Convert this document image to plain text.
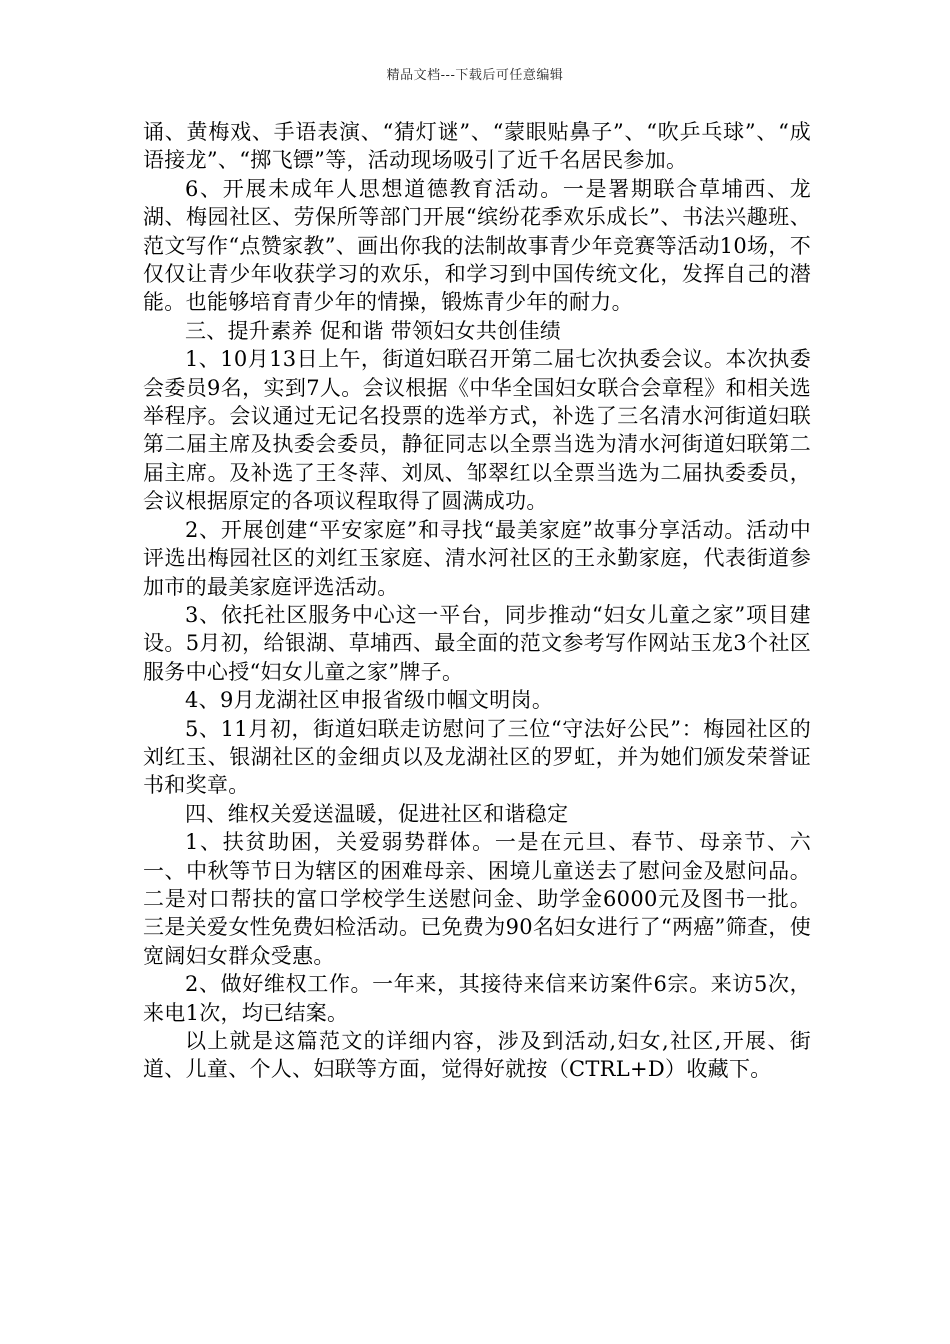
精品文档---下载后可任意编辑

诵、黄梅戏、手语表演、“猜灯谜”、“蒙眼贴鼻子”、“吹乒乓球”、“成语接龙”、“掷飞镖”等，活动现场吸引了近千名居民参加。

6、开展未成年人思想道德教育活动。一是署期联合草埔西、龙湖、梅园社区、劳保所等部门开展“缤纷花季欢乐成长”、书法兴趣班、范文写作“点赞家教”、画出你我的法制故事青少年竞赛等活动10场，不仅仅让青少年收获学习的欢乐，和学习到中国传统文化，发挥自己的潜能。也能够培育青少年的情操，锻炼青少年的耐力。

三、提升素养 促和谐 带领妇女共创佳绩

1、10月13日上午，街道妇联召开第二届七次执委会议。本次执委会委员9名，实到7人。会议根据《中华全国妇女联合会章程》和相关选举程序。会议通过无记名投票的选举方式，补选了三名清水河街道妇联第二届主席及执委会委员，静征同志以全票当选为清水河街道妇联第二届主席。及补选了王冬萍、刘凤、邹翠红以全票当选为二届执委委员，会议根据原定的各项议程取得了圆满成功。

2、开展创建“平安家庭”和寻找“最美家庭”故事分享活动。活动中评选出梅园社区的刘红玉家庭、清水河社区的王永勤家庭，代表街道参加市的最美家庭评选活动。

3、依托社区服务中心这一平台，同步推动“妇女儿童之家”项目建设。5月初，给银湖、草埔西、最全面的范文参考写作网站玉龙3个社区服务中心授“妇女儿童之家”牌子。

4、9月龙湖社区申报省级巾帼文明岗。

5、11月初，街道妇联走访慰问了三位“守法好公民”：梅园社区的刘红玉、银湖社区的金细贞以及龙湖社区的罗虹，并为她们颁发荣誉证书和奖章。

四、维权关爱送温暖，促进社区和谐稳定

1、扶贫助困，关爱弱势群体。一是在元旦、春节、母亲节、六一、中秋等节日为辖区的困难母亲、困境儿童送去了慰问金及慰问品。二是对口帮扶的富口学校学生送慰问金、助学金6000元及图书一批。三是关爱女性免费妇检活动。已免费为90名妇女进行了“两癌”筛查，使宽阔妇女群众受惠。

2、做好维权工作。一年来，其接待来信来访案件6宗。来访5次，来电1次，均已结案。

以上就是这篇范文的详细内容，涉及到活动,妇女,社区,开展、街道、儿童、个人、妇联等方面，觉得好就按（CTRL+D）收藏下。
